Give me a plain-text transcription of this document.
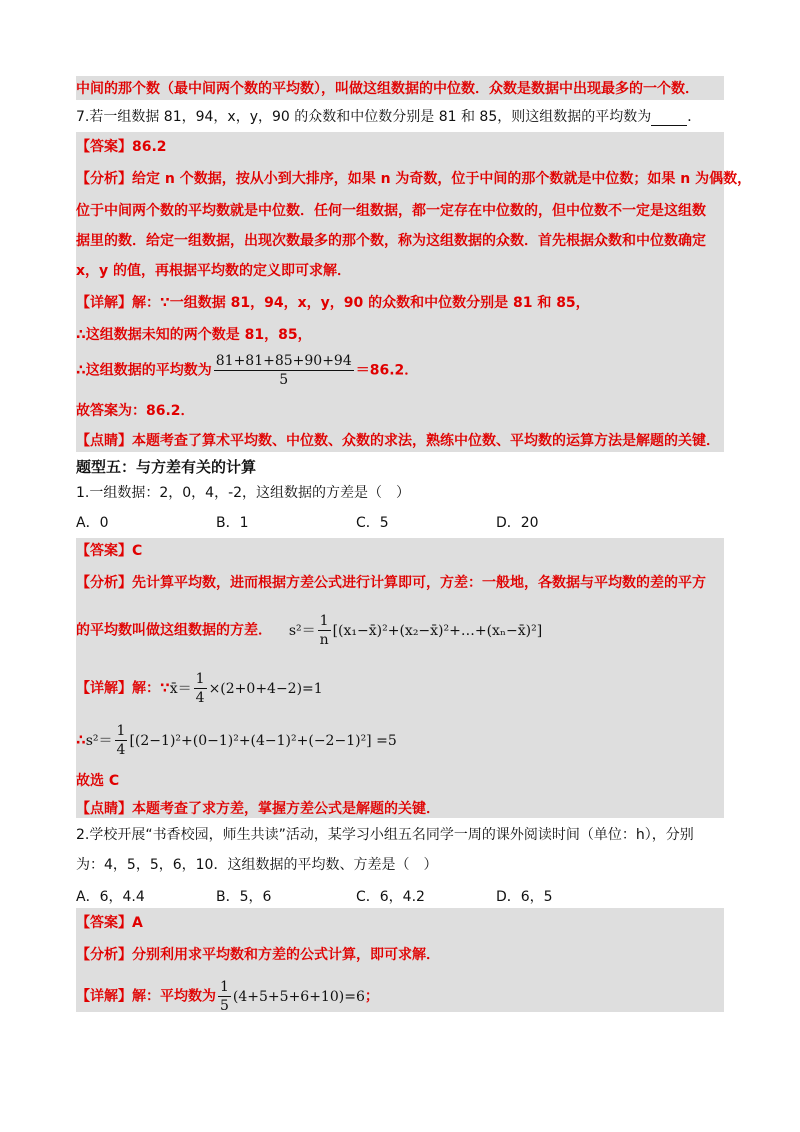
中间的那个数（最中间两个数的平均数），叫做这组数据的中位数．众数是数据中出现最多的一个数．
7.若一组数据 81，94，x，y，90 的众数和中位数分别是 81 和 85，则这组数据的平均数为	．
【答案】86.2
【分析】给定 n 个数据，按从小到大排序，如果 n 为奇数，位于中间的那个数就是中位数；如果 n 为偶数，
位于中间两个数的平均数就是中位数．任何一组数据，都一定存在中位数的，但中位数不一定是这组数
据里的数．给定一组数据，出现次数最多的那个数，称为这组数据的众数．首先根据众数和中位数确定
x，y 的值，再根据平均数的定义即可求解．
【详解】解：∵一组数据 81，94，x，y，90 的众数和中位数分别是 81 和 85，
∴这组数据未知的两个数是 81，85，
∴这组数据的平均数为 $\frac{81+81+85+90+94}{5} =86.2$．
故答案为：86.2．
【点睛】本题考查了算术平均数、中位数、众数的求法，熟练中位数、平均数的运算方法是解题的关键．
题型五：与方差有关的计算
1.一组数据：2，0，4，-2，这组数据的方差是（　）
A．0	B．1	C．5	D．20
【答案】C
【分析】先计算平均数，进而根据方差公式进行计算即可，方差：一般地，各数据与平均数的差的平方
的平均数叫做这组数据的方差． $s^2= \frac{1}{n}$ [(x₁−x̄)²+(x₂−x̄)²+…+(xₙ−x̄)²]
【详解】解：∵x̄＝ $\frac{1}{4} \times(2+0+4-2)=1$
∴s²＝ $\frac{1}{4} [(2-1)^2+(0-1)^2+(4-1)^2+(-2-1)^2] =5$
故选 C
【点睛】本题考查了求方差，掌握方差公式是解题的关键．
2.学校开展“书香校园，师生共读”活动，某学习小组五名同学一周的课外阅读时间（单位：h），分别
为：4，5，5，6，10．这组数据的平均数、方差是（　）
A．6，4.4	B．5，6	C．6，4.2	D．6，5
【答案】A
【分析】分别利用求平均数和方差的公式计算，即可求解．
【详解】解：平均数为 $\frac{1}{5} (4+5+5+6+10)=6$；
